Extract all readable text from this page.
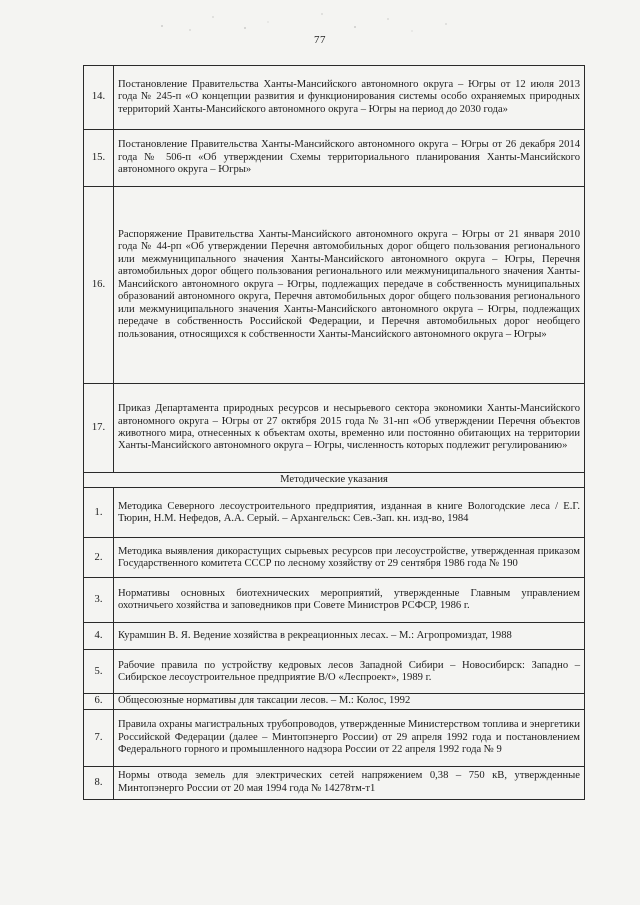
77
14.	Постановление Правительства Ханты-Мансийского автономного округа – Югры от 12 июля 2013 года № 245-п «О концепции развития и функционирования системы особо охраняемых природных территорий Ханты-Мансийского автономного округа – Югры на период до 2030 года»
15.	Постановление Правительства Ханты-Мансийского автономного округа – Югры от 26 декабря 2014 года № 506-п «Об утверждении Схемы территориального планирования Ханты-Мансийского автономного округа – Югры»
16.	Распоряжение Правительства Ханты-Мансийского автономного округа – Югры от 21 января 2010 года № 44-рп «Об утверждении Перечня автомобильных дорог общего пользования регионального или межмуниципального значения Ханты-Мансийского автономного округа – Югры, Перечня автомобильных дорог общего пользования регионального или межмуниципального значения Ханты-Мансийского автономного округа – Югры, подлежащих передаче в собственность муниципальных образований автономного округа, Перечня автомобильных дорог общего пользования регионального или межмуниципального значения Ханты-Мансийского автономного округа – Югры, подлежащих передаче в собственность Российской Федерации, и Перечня автомобильных дорог необщего пользования, относящихся к собственности Ханты-Мансийского автономного округа – Югры»
17.	Приказ Департамента природных ресурсов и несырьевого сектора экономики Ханты-Мансийского автономного округа – Югры от 27 октября 2015 года № 31-нп «Об утверждении Перечня объектов животного мира, отнесенных к объектам охоты, временно или постоянно обитающих на территории Ханты-Мансийского автономного округа – Югры, численность которых подлежит регулированию»
Методические указания	
1.	Методика Северного лесоустроительного предприятия, изданная в книге Вологодские леса / Е.Г. Тюрин, Н.М. Нефедов, А.А. Серый. – Архангельск: Сев.-Зап. кн. изд-во, 1984
2.	Методика выявления дикорастущих сырьевых ресурсов при лесоустройстве, утвержденная приказом Государственного комитета СССР по лесному хозяйству от 29 сентября 1986 года № 190
3.	Нормативы основных биотехнических мероприятий, утвержденные Главным управлением охотничьего хозяйства и заповедников при Совете Министров РСФСР, 1986 г.
4.	Курамшин В. Я. Ведение хозяйства в рекреационных лесах. – М.: Агропромиздат, 1988
5.	Рабочие правила по устройству кедровых лесов Западной Сибири – Новосибирск: Западно – Сибирское лесоустроительное предприятие В/О «Леспроект», 1989 г.
6.	Общесоюзные нормативы для таксации лесов. – М.: Колос, 1992
7.	Правила охраны магистральных трубопроводов, утвержденные Министерством топлива и энергетики Российской Федерации (далее – Минтопэнерго России) от 29 апреля 1992 года и постановлением Федерального горного и промышленного надзора России от 22 апреля 1992 года № 9
8.	Нормы отвода земель для электрических сетей напряжением 0,38 – 750 кВ, утвержденные Минтопэнерго России от 20 мая 1994 года № 14278тм-т1
